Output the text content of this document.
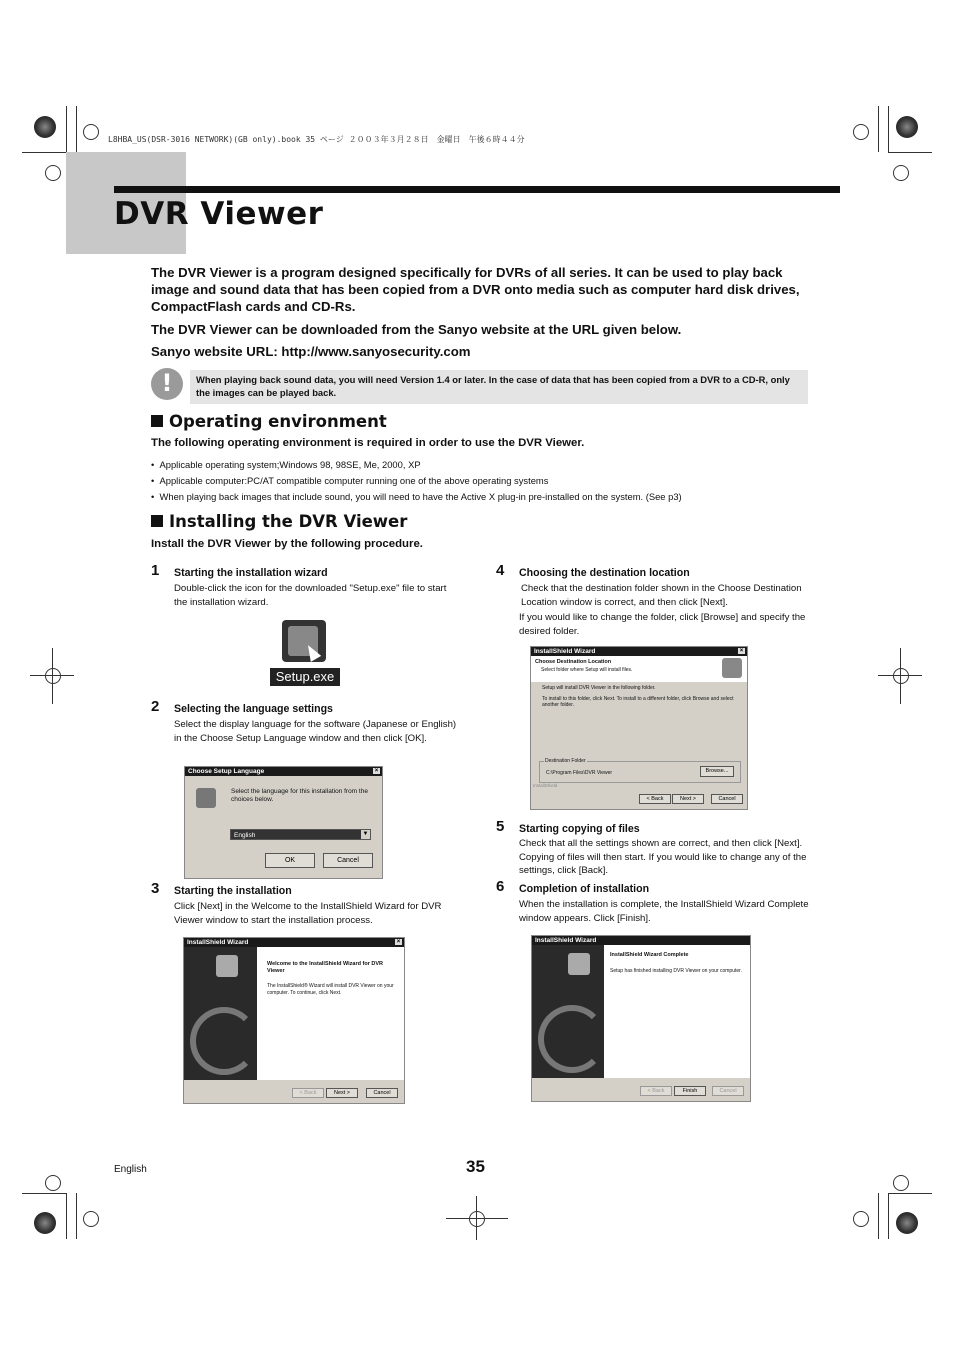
L8HBA_US(DSR-3016 NETWORK)(GB only).book 35 ページ ２００３年３月２８日　金曜日　午後６時４４分
DVR Viewer
The DVR Viewer is a program designed specifically for DVRs of all series. It can be used to play back image and sound data that has been copied from a DVR onto media such as computer hard disk drives, CompactFlash cards and CD-Rs.
The DVR Viewer can be downloaded from the Sanyo website at the URL given below.
Sanyo website URL: http://www.sanyosecurity.com
!	When playing back sound data, you will need Version 1.4 or later. In the case of data that has been copied from a DVR to a CD-R, only the images can be played back.
Operating environment
The following operating environment is required in order to use the DVR Viewer.
•  Applicable operating system;Windows 98, 98SE, Me, 2000, XP
•  Applicable computer:PC/AT compatible computer running one of the above operating systems
•  When playing back images that include sound, you will need to have the Active X plug-in pre-installed on the system. (See p3)
Installing the DVR Viewer
Install the DVR Viewer by the following procedure.
1 Starting the installation wizard
Double-click the icon for the downloaded "Setup.exe" file to start the installation wizard.
Setup.exe
2 Selecting the language settings
Select the display language for the software (Japanese or English) in the Choose Setup Language window and then click [OK].
Choose Setup Language	×
Select the language for this installation from the choices below.
English	▼
OK	Cancel
3 Starting the installation
Click [Next] in the Welcome to the InstallShield Wizard for DVR Viewer window to start the installation process.
InstallShield Wizard	×
Welcome to the InstallShield Wizard for DVR Viewer
The InstallShield® Wizard will install DVR Viewer on your computer. To continue, click Next.
< Back	Next >	Cancel
4 Choosing the destination location
Check that the destination folder shown in the Choose Destination Location window is correct, and then click [Next].
If you would like to change the folder, click [Browse] and specify the desired folder.
InstallShield Wizard	×
Choose Destination Location
Select folder where Setup will install files.
Setup will install DVR Viewer in the following folder.
To install to this folder, click Next. To install to a different folder, click Browse and select another folder.
Destination Folder
C:\Program Files\DVR Viewer	Browse...
InstallShield
< Back	Next >	Cancel
5 Starting copying of files
Check that all the settings shown are correct, and then click [Next]. Copying of files will then start. If you would like to change any of the settings, click [Back].
6 Completion of installation
When the installation is complete, the InstallShield Wizard Complete window appears. Click [Finish].
InstallShield Wizard
InstallShield Wizard Complete
Setup has finished installing DVR Viewer on your computer.
< Back	Finish	Cancel
English	35
